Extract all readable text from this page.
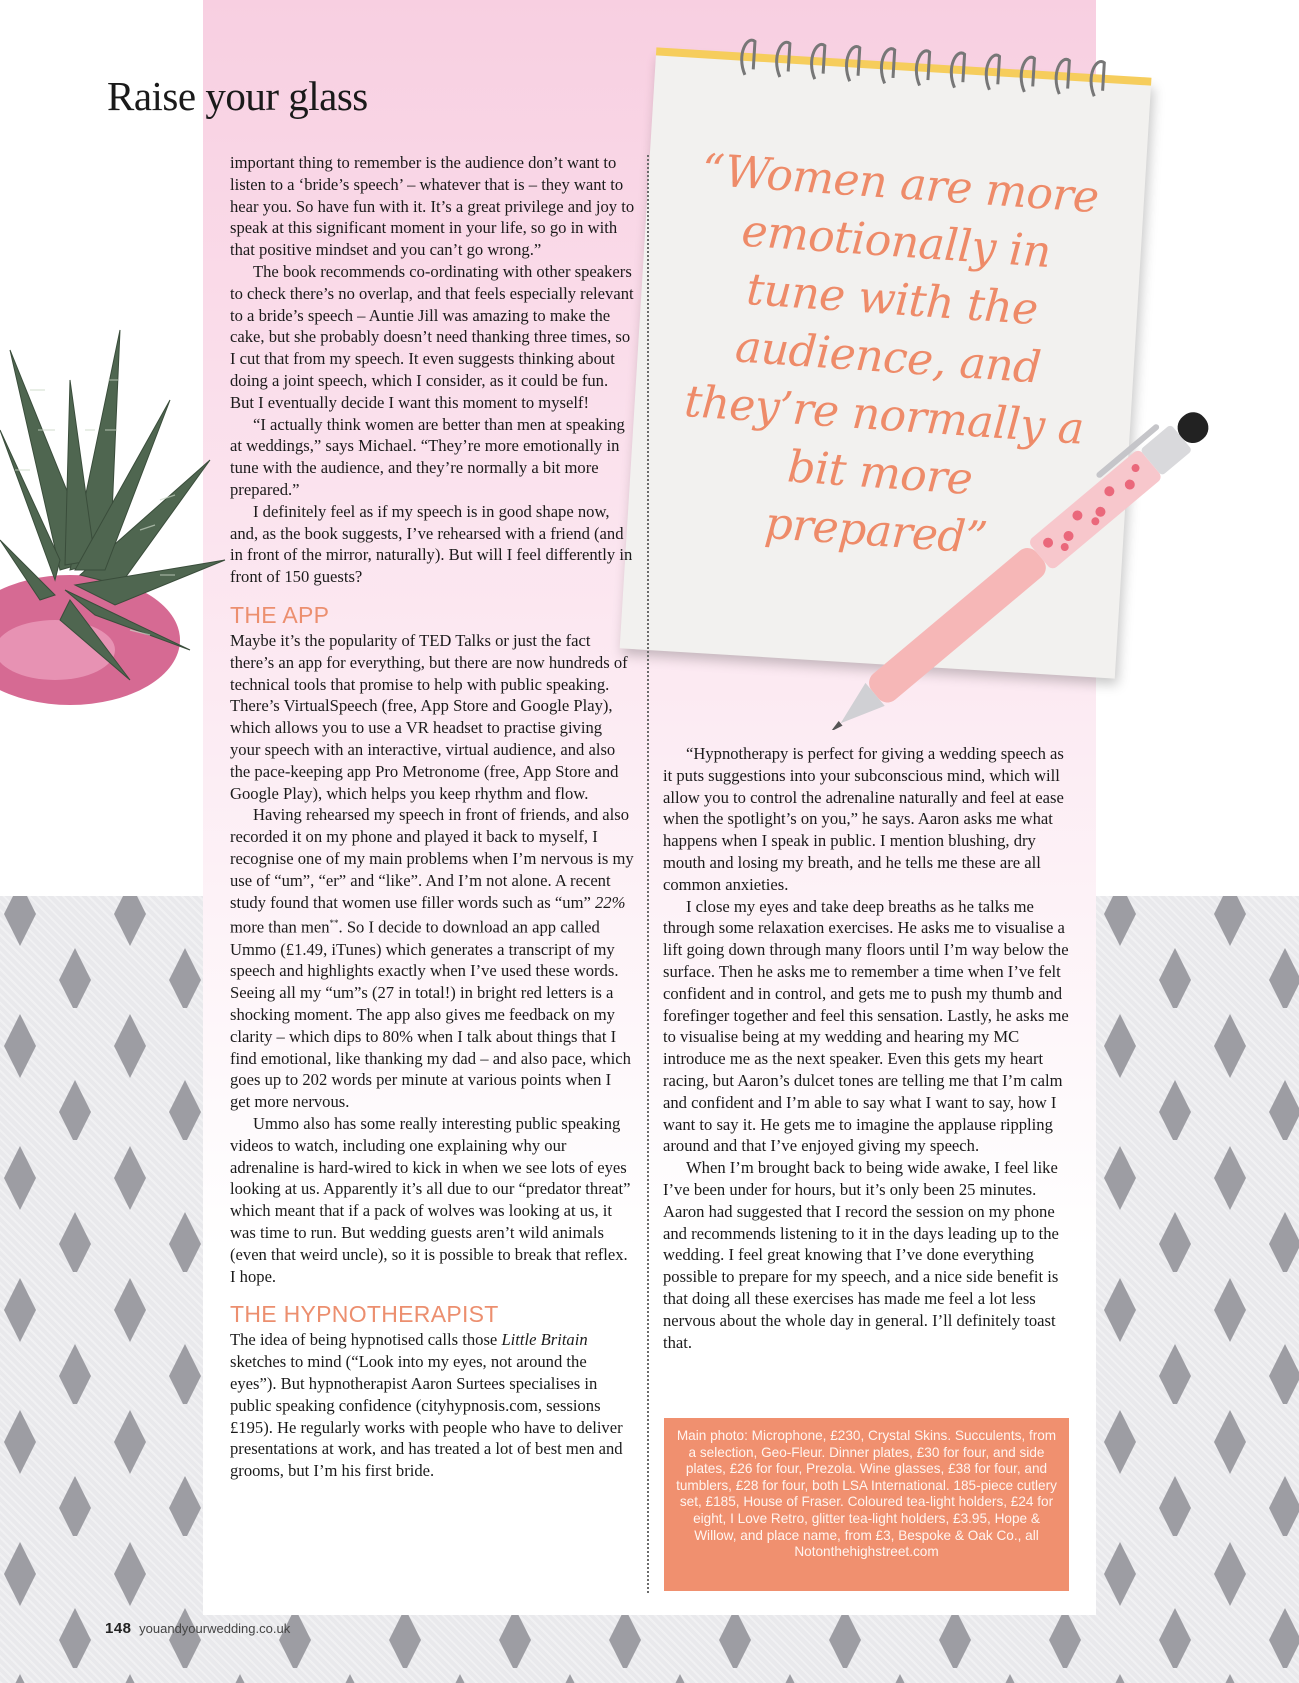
Raise your glass
“Women are more emotionally in tune with the audience, and they’re normally a bit more prepared”

important thing to remember is the audience don’t want to listen to a ‘bride’s speech’ – whatever that is – they want to hear you. So have fun with it. It’s a great privilege and joy to speak at this significant moment in your life, so go in with that positive mindset and you can’t go wrong.”

The book recommends co-ordinating with other speakers to check there’s no overlap, and that feels especially relevant to a bride’s speech – Auntie Jill was amazing to make the cake, but she probably doesn’t need thanking three times, so I cut that from my speech. It even suggests thinking about doing a joint speech, which I consider, as it could be fun. But I eventually decide I want this moment to myself!

“I actually think women are better than men at speaking at weddings,” says Michael. “They’re more emotionally in tune with the audience, and they’re normally a bit more prepared.”

I definitely feel as if my speech is in good shape now, and, as the book suggests, I’ve rehearsed with a friend (and in front of the mirror, naturally). But will I feel differently in front of 150 guests?

THE APP

Maybe it’s the popularity of TED Talks or just the fact there’s an app for everything, but there are now hundreds of technical tools that promise to help with public speaking. There’s VirtualSpeech (free, App Store and Google Play), which allows you to use a VR headset to practise giving your speech with an interactive, virtual audience, and also the pace-keeping app Pro Metronome (free, App Store and Google Play), which helps you keep rhythm and flow.

Having rehearsed my speech in front of friends, and also recorded it on my phone and played it back to myself, I recognise one of my main problems when I’m nervous is my use of “um”, “er” and “like”. And I’m not alone. A recent study found that women use filler words such as “um” 22% more than men**. So I decide to download an app called Ummo (£1.49, iTunes) which generates a transcript of my speech and highlights exactly when I’ve used these words. Seeing all my “um”s (27 in total!) in bright red letters is a shocking moment. The app also gives me feedback on my clarity – which dips to 80% when I talk about things that I find emotional, like thanking my dad – and also pace, which goes up to 202 words per minute at various points when I get more nervous.

Ummo also has some really interesting public speaking videos to watch, including one explaining why our adrenaline is hard-wired to kick in when we see lots of eyes looking at us. Apparently it’s all due to our “predator threat” which meant that if a pack of wolves was looking at us, it was time to run. But wedding guests aren’t wild animals (even that weird uncle), so it is possible to break that reflex. I hope.

THE HYPNOTHERAPIST

The idea of being hypnotised calls those Little Britain sketches to mind (“Look into my eyes, not around the eyes”). But hypnotherapist Aaron Surtees specialises in public speaking confidence (cityhypnosis.com, sessions £195). He regularly works with people who have to deliver presentations at work, and has treated a lot of best men and grooms, but I’m his first bride.

“Hypnotherapy is perfect for giving a wedding speech as it puts suggestions into your subconscious mind, which will allow you to control the adrenaline naturally and feel at ease when the spotlight’s on you,” he says. Aaron asks me what happens when I speak in public. I mention blushing, dry mouth and losing my breath, and he tells me these are all common anxieties.

I close my eyes and take deep breaths as he talks me through some relaxation exercises. He asks me to visualise a lift going down through many floors until I’m way below the surface. Then he asks me to remember a time when I’ve felt confident and in control, and gets me to push my thumb and forefinger together and feel this sensation. Lastly, he asks me to visualise being at my wedding and hearing my MC introduce me as the next speaker. Even this gets my heart racing, but Aaron’s dulcet tones are telling me that I’m calm and confident and I’m able to say what I want to say, how I want to say it. He gets me to imagine the applause rippling around and that I’ve enjoyed giving my speech.

When I’m brought back to being wide awake, I feel like I’ve been under for hours, but it’s only been 25 minutes. Aaron had suggested that I record the session on my phone and recommends listening to it in the days leading up to the wedding. I feel great knowing that I’ve done everything possible to prepare for my speech, and a nice side benefit is that doing all these exercises has made me feel a lot less nervous about the whole day in general. I’ll definitely toast that.

Main photo: Microphone, £230, Crystal Skins. Succulents, from a selection, Geo-Fleur. Dinner plates, £30 for four, and side plates, £26 for four, Prezola. Wine glasses, £38 for four, and tumblers, £28 for four, both LSA International. 185-piece cutlery set, £185, House of Fraser. Coloured tea-light holders, £24 for eight, I Love Retro, glitter tea-light holders, £3.95, Hope & Willow, and place name, from £3, Bespoke & Oak Co., all Notonthehighstreet.com
148 youandyourwedding.co.uk
